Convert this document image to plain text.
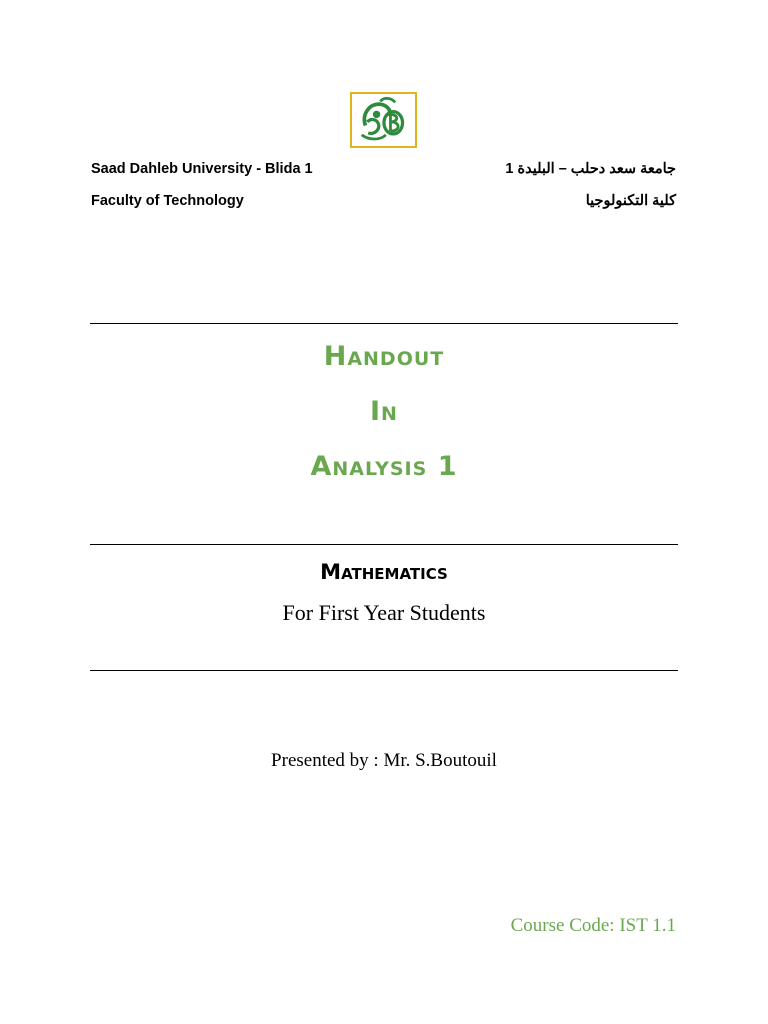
Saad Dahleb University - Blida 1	جامعة سعد دحلب – البليدة 1
Faculty of Technology	كلية التكنولوجيا
Handout
In
Analysis 1
Mathematics
For First Year Students
Presented by : Mr. S.Boutouil
Course Code: IST 1.1
